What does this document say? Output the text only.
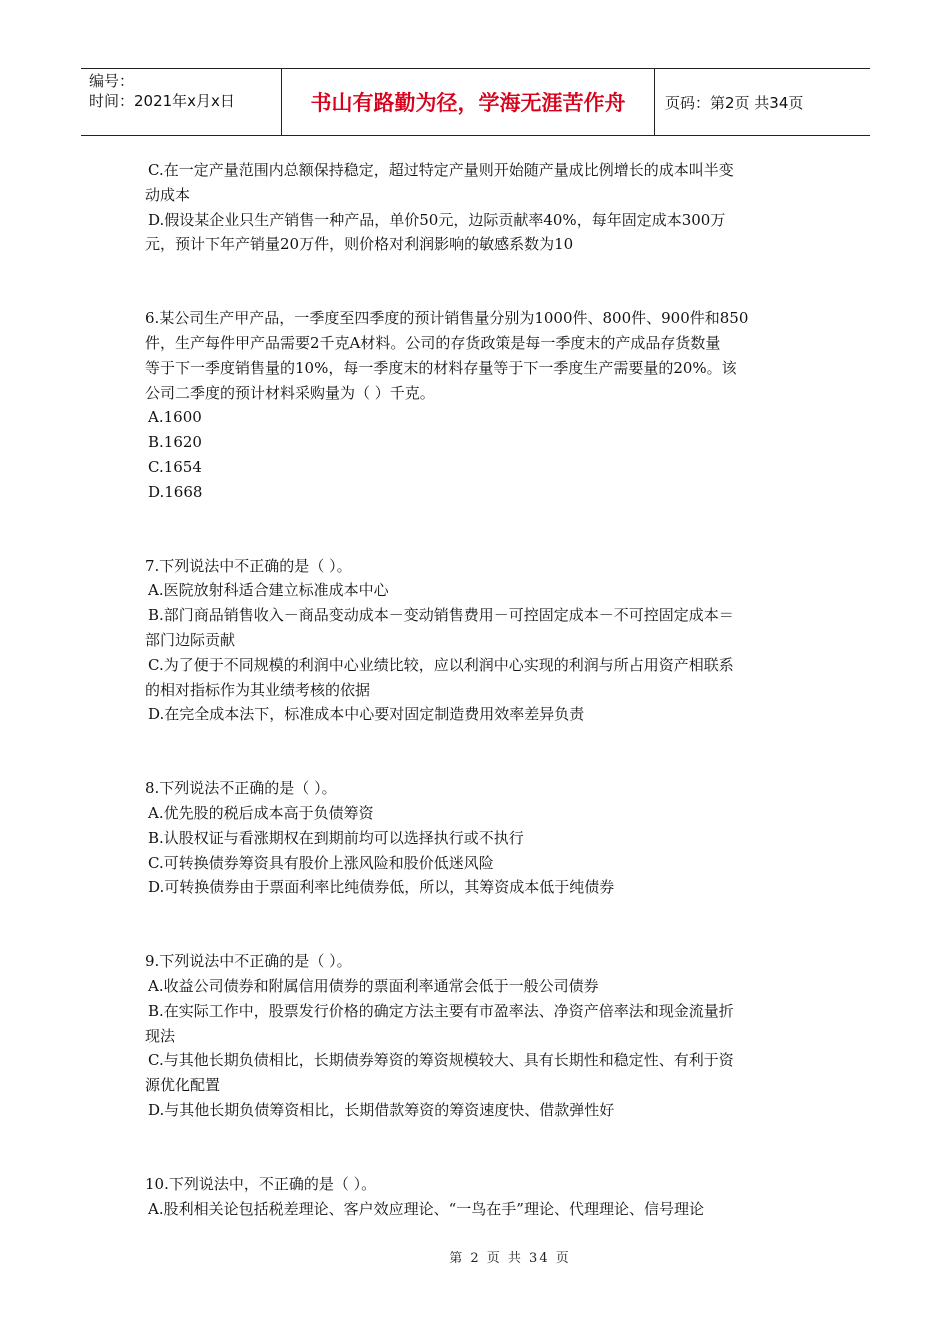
编号：
时间：2021年x月x日	书山有路勤为径，学海无涯苦作舟	页码：第2页 共34页
C.在一定产量范围内总额保持稳定，超过特定产量则开始随产量成比例增长的成本叫半变
动成本
D.假设某企业只生产销售一种产品，单价50元，边际贡献率40%，每年固定成本300万
元，预计下年产销量20万件，则价格对利润影响的敏感系数为10
6.某公司生产甲产品，一季度至四季度的预计销售量分别为1000件、800件、900件和850
件，生产每件甲产品需要2千克A材料。公司的存货政策是每一季度末的产成品存货数量
等于下一季度销售量的10%，每一季度末的材料存量等于下一季度生产需要量的20%。该
公司二季度的预计材料采购量为（ ）千克。
A.1600
B.1620
C.1654
D.1668
7.下列说法中不正确的是（ ）。
A.医院放射科适合建立标准成本中心
B.部门商品销售收入－商品变动成本－变动销售费用－可控固定成本－不可控固定成本＝
部门边际贡献
C.为了便于不同规模的利润中心业绩比较，应以利润中心实现的利润与所占用资产相联系
的相对指标作为其业绩考核的依据
D.在完全成本法下，标准成本中心要对固定制造费用效率差异负责
8.下列说法不正确的是（ ）。
A.优先股的税后成本高于负债筹资
B.认股权证与看涨期权在到期前均可以选择执行或不执行
C.可转换债券筹资具有股价上涨风险和股价低迷风险
D.可转换债券由于票面利率比纯债券低，所以，其筹资成本低于纯债券
9.下列说法中不正确的是（ ）。
A.收益公司债券和附属信用债券的票面利率通常会低于一般公司债券
B.在实际工作中，股票发行价格的确定方法主要有市盈率法、净资产倍率法和现金流量折
现法
C.与其他长期负债相比，长期债券筹资的筹资规模较大、具有长期性和稳定性、有利于资
源优化配置
D.与其他长期负债筹资相比，长期借款筹资的筹资速度快、借款弹性好
10.下列说法中，不正确的是（ ）。
A.股利相关论包括税差理论、客户效应理论、“一鸟在手”理论、代理理论、信号理论
第 2 页 共 34 页
